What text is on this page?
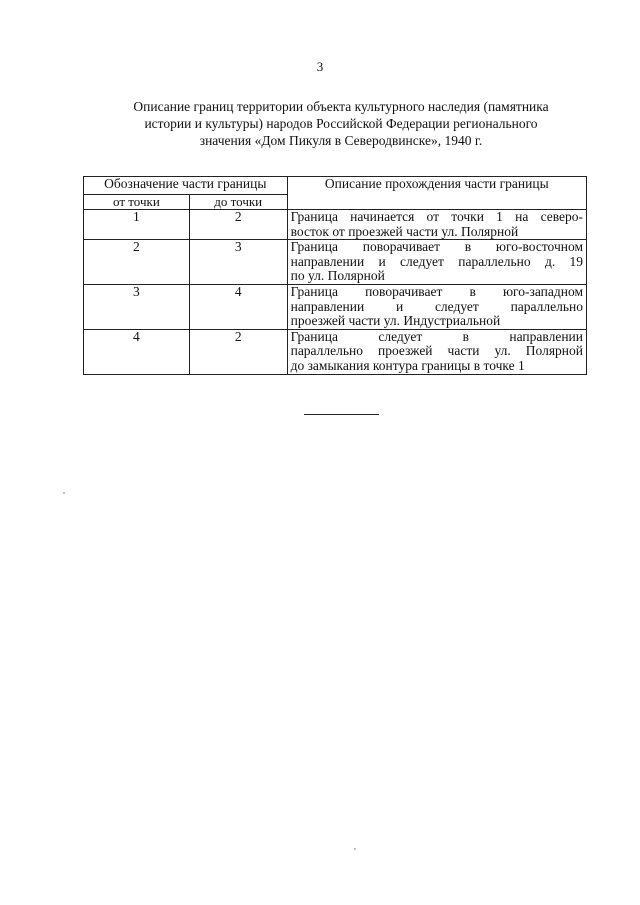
3
Описание границ территории объекта культурного наследия (памятника
истории и культуры) народов Российской Федерации регионального
значения «Дом Пикуля в Северодвинске», 1940 г.
Обозначение части границы		Описание прохождения части границы
от точки	до точки	
1	2	Граница начинается от точки 1 на северо-
восток от проезжей части ул. Полярной

2	3	Граница поворачивает в юго-восточном
направлении и следует параллельно д. 19
по ул. Полярной

3	4	Граница поворачивает в юго-западном
направлении и следует параллельно
проезжей части ул. Индустриальной

4	2	Граница следует в направлении
параллельно проезжей части ул. Полярной
до замыкания контура границы в точке 1
